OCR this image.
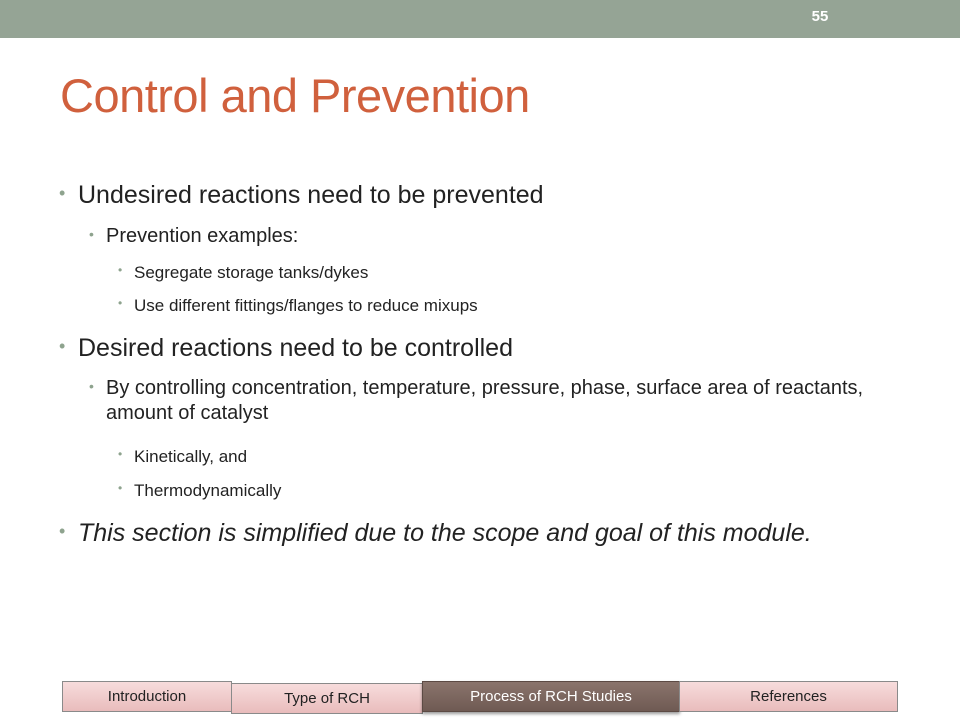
55
Control and Prevention
• Undesired reactions need to be prevented
• Prevention examples:
• Segregate storage tanks/dykes
• Use different fittings/flanges to reduce mixups
• Desired reactions need to be controlled
• By controlling concentration, temperature, pressure, phase, surface area of reactants, amount of catalyst
• Kinetically, and
• Thermodynamically
• This section is simplified due to the scope and goal of this module.
Introduction	Type of RCH	Process of RCH Studies	References
